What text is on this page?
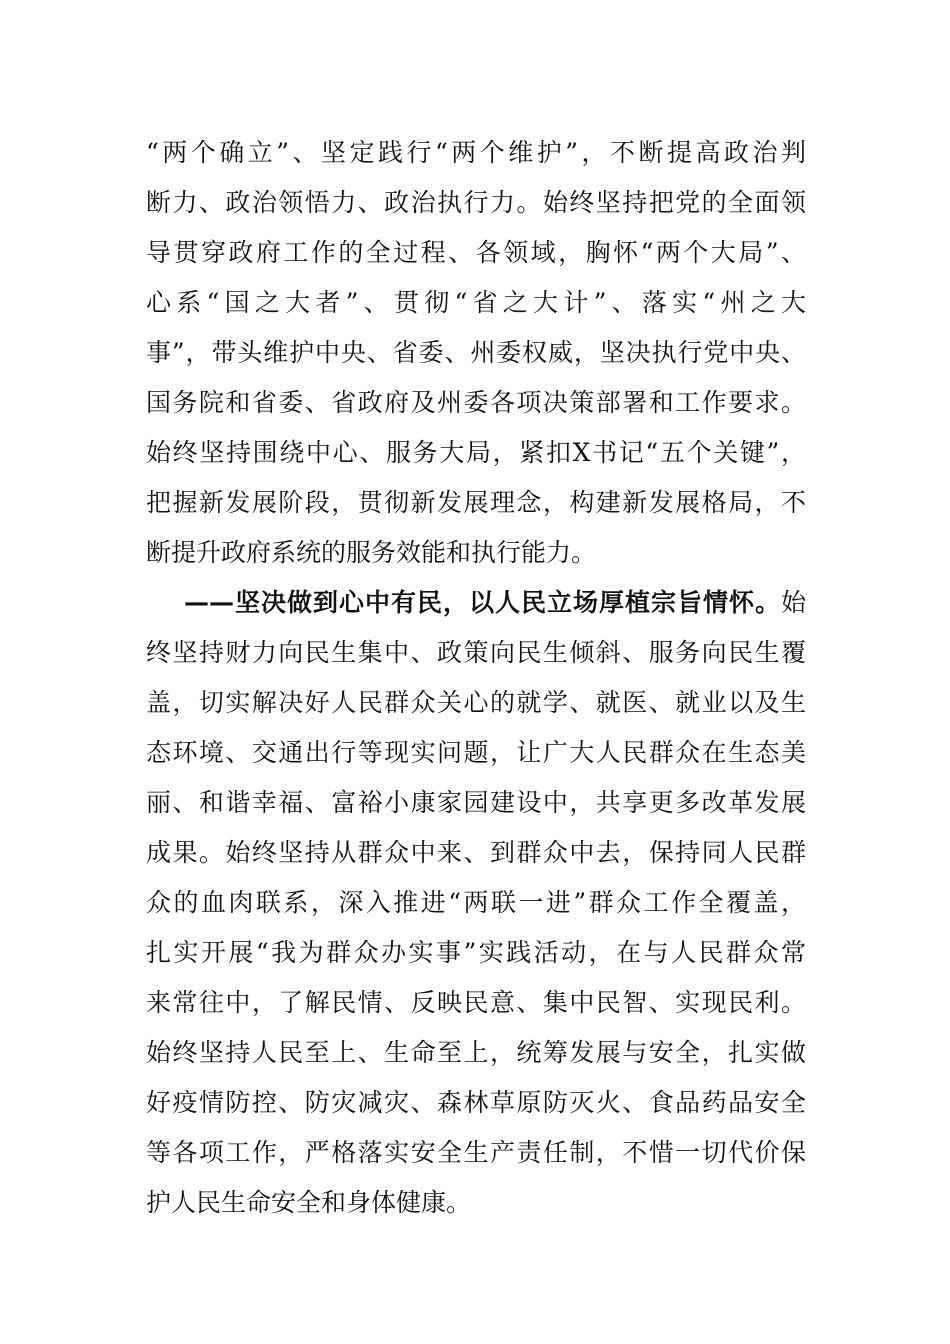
“两个确立”、坚定践行“两个维护”，不断提高政治判
断力、政治领悟力、政治执行力。始终坚持把党的全面领
导贯穿政府工作的全过程、各领域，胸怀“两个大局”、
心系“国之大者”、贯彻“省之大计”、落实“州之大
事”，带头维护中央、省委、州委权威，坚决执行党中央、
国务院和省委、省政府及州委各项决策部署和工作要求。
始终坚持围绕中心、服务大局，紧扣X书记“五个关键”，
把握新发展阶段，贯彻新发展理念，构建新发展格局，不
断提升政府系统的服务效能和执行能力。
——坚决做到心中有民，以人民立场厚植宗旨情怀。始
终坚持财力向民生集中、政策向民生倾斜、服务向民生覆
盖，切实解决好人民群众关心的就学、就医、就业以及生
态环境、交通出行等现实问题，让广大人民群众在生态美
丽、和谐幸福、富裕小康家园建设中，共享更多改革发展
成果。始终坚持从群众中来、到群众中去，保持同人民群
众的血肉联系，深入推进“两联一进”群众工作全覆盖，
扎实开展“我为群众办实事”实践活动，在与人民群众常
来常往中，了解民情、反映民意、集中民智、实现民利。
始终坚持人民至上、生命至上，统筹发展与安全，扎实做
好疫情防控、防灾减灾、森林草原防灭火、食品药品安全
等各项工作，严格落实安全生产责任制，不惜一切代价保
护人民生命安全和身体健康。
